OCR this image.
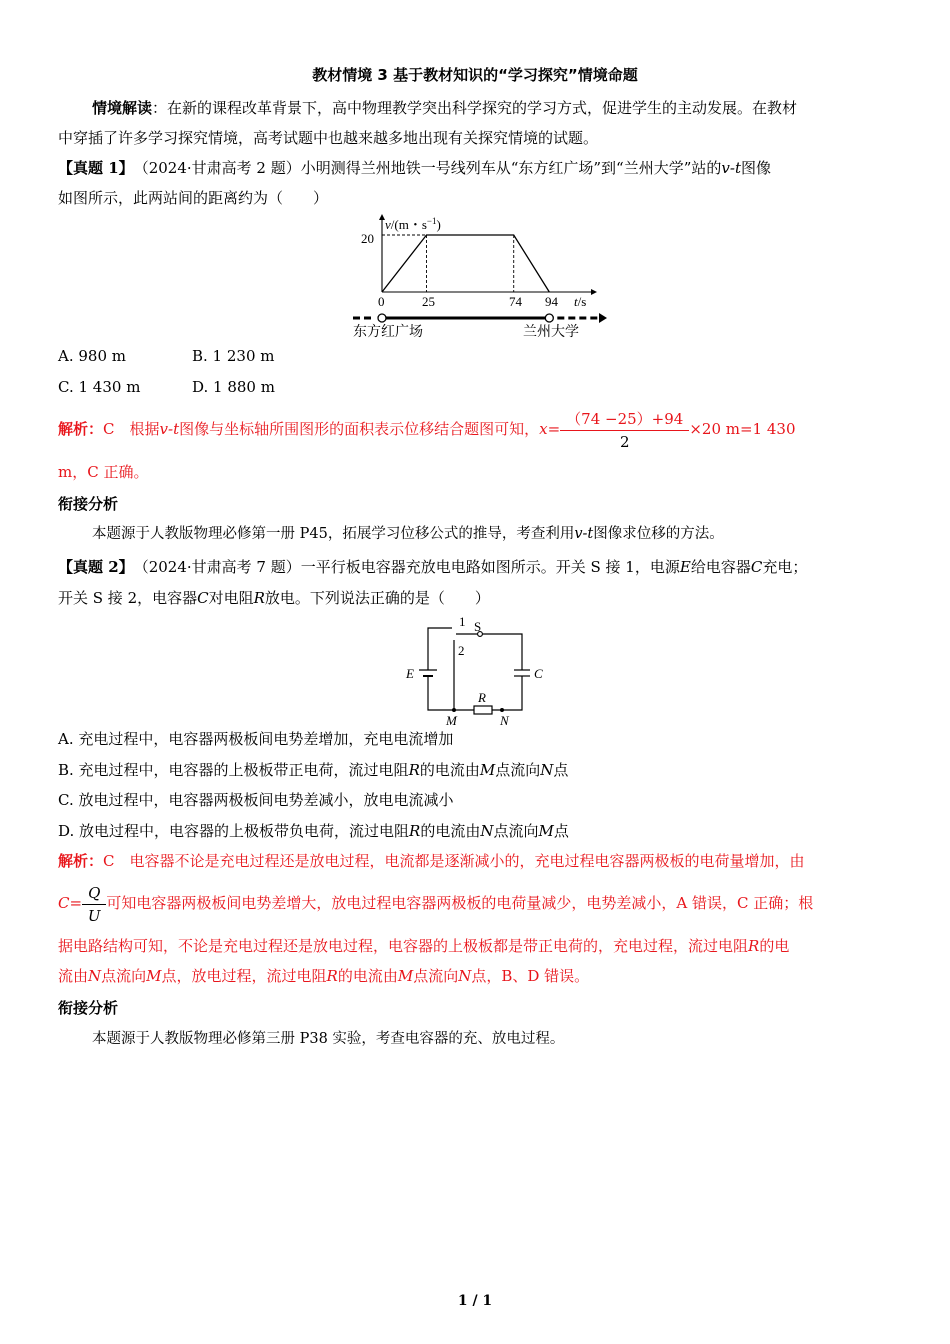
教材情境 3 基于教材知识的“学习探究”情境命题
情境解读：在新的课程改革背景下，高中物理教学突出科学探究的学习方式，促进学生的主动发展。在教材
中穿插了许多学习探究情境，高考试题中也越来越多地出现有关探究情境的试题。
【真题 1】　 （2024·甘肃高考 2 题）小明测得兰州地铁一号线列车从“东方红广场”到“兰州大学”站的v-t图像
如图所示，此两站间的距离约为（　　）
v/(m・$s^{-1}$)
20
0	25	74 94 t/s
东方红广场	兰州大学
A. 980 m	B. 1 230 m
C. 1 430 m	D. 1 880 m
解析：C　 根据v-t图像与坐标轴所围图形的面积表示位移结合题图可知，$x= \frac{(74 -25)+94}{2} \times 20$ m=1 430
m，C 正确。
衔接分析
本题源于人教版物理必修第一册 P45，拓展学习位移公式的推导，考查利用v-t图像求位移的方法。
【真题 2】　 （2024·甘肃高考 7 题）一平行板电容器充放电电路如图所示。开关 S 接 1，电源E给电容器C充电；
开关 S 接 2，电容器C对电阻R放电。下列说法正确的是（　　）
1 S
2
E	C
R
M	N
A. 充电过程中，电容器两极板间电势差增加，充电电流增加
B. 充电过程中，电容器的上极板带正电荷，流过电阻R的电流由M点流向N点
C. 放电过程中，电容器两极板间电势差减小，放电电流减小
D. 放电过程中，电容器的上极板带负电荷，流过电阻R的电流由N点流向M点
解析：C　 电容器不论是充电过程还是放电过程，电流都是逐渐减小的，充电过程电容器两极板的电荷量增加，由
$C= \frac{Q}{U}$ 可知电容器两极板间电势差增大，放电过程电容器两极板的电荷量减少，电势差减小，A 错误，C 正确；根
据电路结构可知，不论是充电过程还是放电过程，电容器的上极板都是带正电荷的，充电过程，流过电阻R的电
流由N点流向M点，放电过程，流过电阻R的电流由M点流向N点，B、D 错误。
衔接分析
本题源于人教版物理必修第三册 P38 实验，考查电容器的充、放电过程。
1 / 1
